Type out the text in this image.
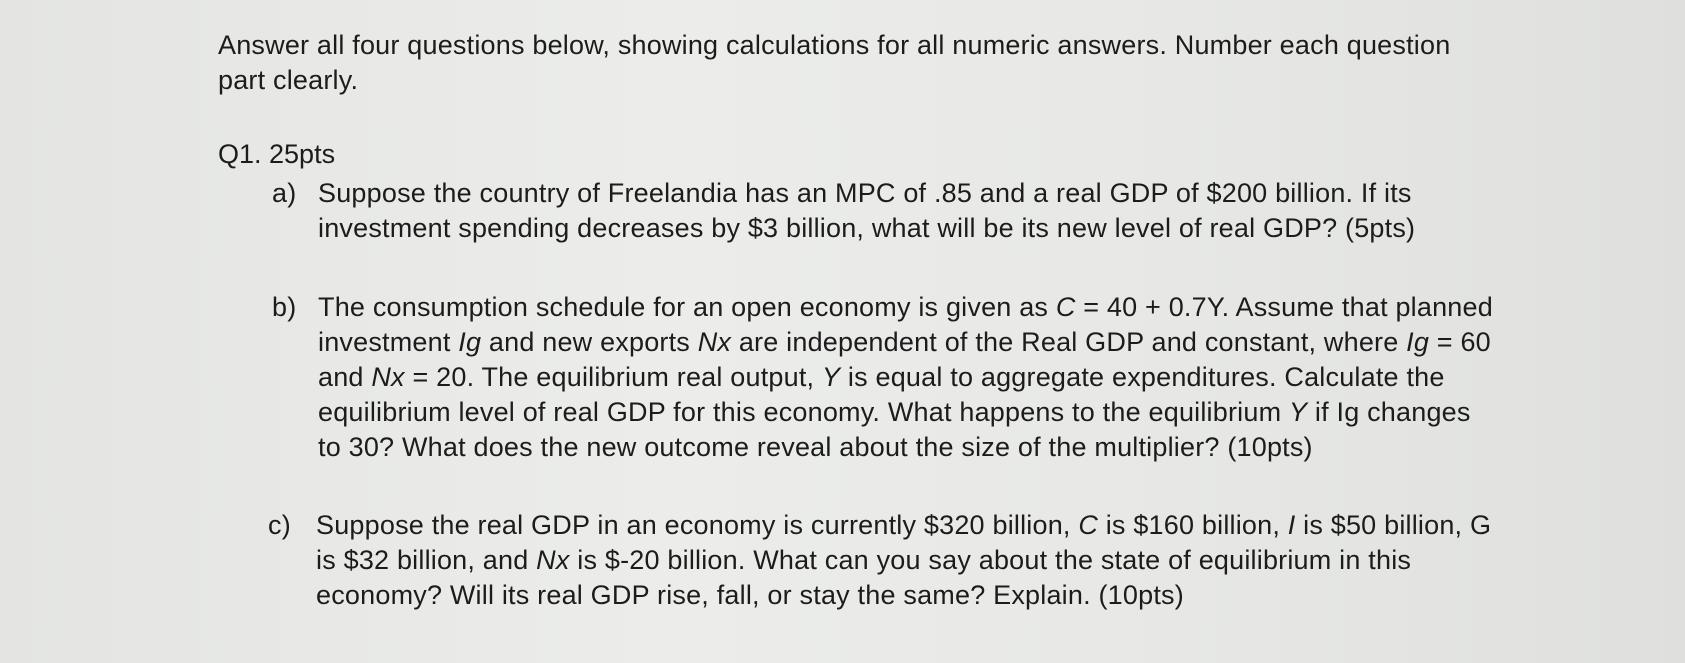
Answer all four questions below, showing calculations for all numeric answers. Number each question
part clearly.
Q1. 25pts
a) Suppose the country of Freelandia has an MPC of .85 and a real GDP of $200 billion. If its
investment spending decreases by $3 billion, what will be its new level of real GDP? (5pts)
b) The consumption schedule for an open economy is given as C = 40 + 0.7Y. Assume that planned
investment Ig and new exports Nx are independent of the Real GDP and constant, where Ig = 60
and Nx = 20. The equilibrium real output, Y is equal to aggregate expenditures. Calculate the
equilibrium level of real GDP for this economy. What happens to the equilibrium Y if Ig changes
to 30? What does the new outcome reveal about the size of the multiplier? (10pts)
c) Suppose the real GDP in an economy is currently $320 billion, C is $160 billion, I is $50 billion, G
is $32 billion, and Nx is $-20 billion. What can you say about the state of equilibrium in this
economy? Will its real GDP rise, fall, or stay the same? Explain. (10pts)
